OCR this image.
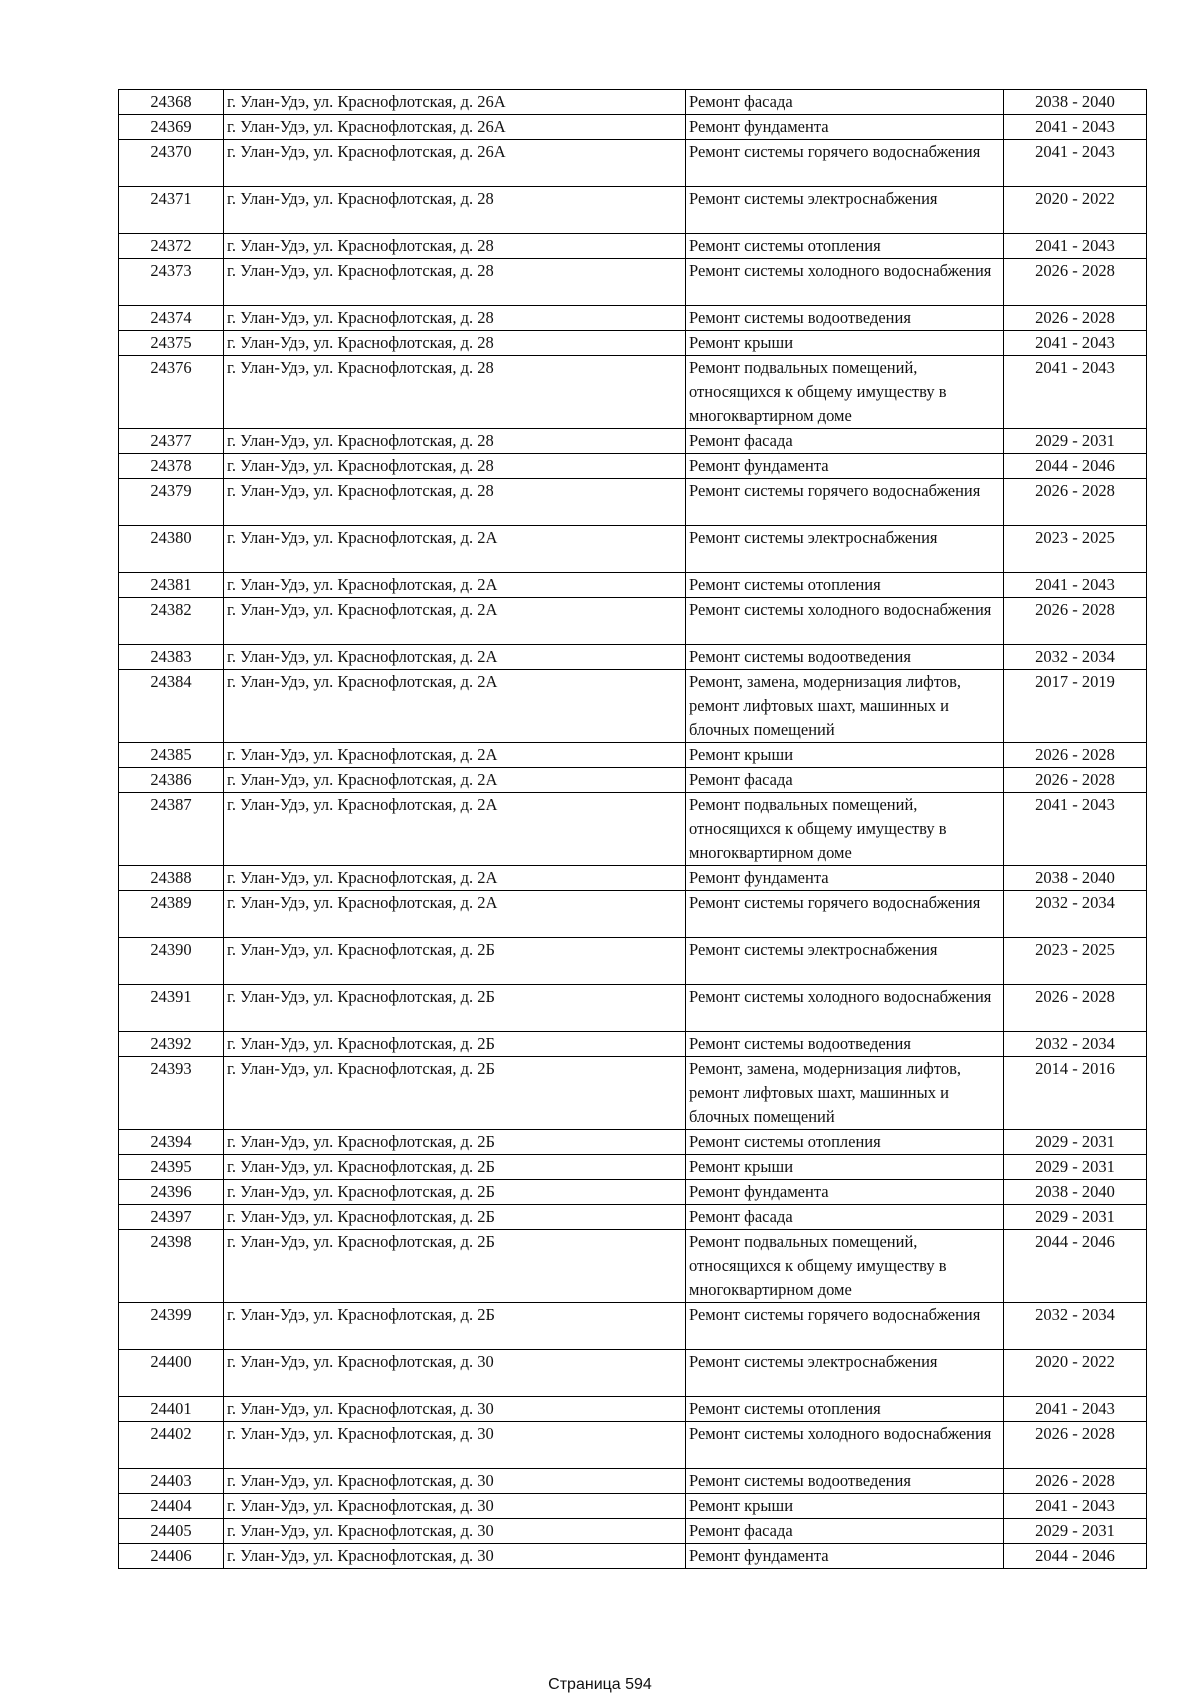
24368	г. Улан-Удэ, ул. Краснофлотская, д. 26А	Ремонт фасада	2038 - 2040
24369	г. Улан-Удэ, ул. Краснофлотская, д. 26А	Ремонт фундамента	2041 - 2043
24370	г. Улан-Удэ, ул. Краснофлотская, д. 26А	Ремонт системы горячего водоснабжения	2041 - 2043
24371	г. Улан-Удэ, ул. Краснофлотская, д. 28	Ремонт системы электроснабжения	2020 - 2022
24372	г. Улан-Удэ, ул. Краснофлотская, д. 28	Ремонт системы отопления	2041 - 2043
24373	г. Улан-Удэ, ул. Краснофлотская, д. 28	Ремонт системы холодного водоснабжения	2026 - 2028
24374	г. Улан-Удэ, ул. Краснофлотская, д. 28	Ремонт системы водоотведения	2026 - 2028
24375	г. Улан-Удэ, ул. Краснофлотская, д. 28	Ремонт крыши	2041 - 2043
24376	г. Улан-Удэ, ул. Краснофлотская, д. 28	Ремонт подвальных помещений, относящихся к общему имуществу в многоквартирном доме	2041 - 2043
24377	г. Улан-Удэ, ул. Краснофлотская, д. 28	Ремонт фасада	2029 - 2031
24378	г. Улан-Удэ, ул. Краснофлотская, д. 28	Ремонт фундамента	2044 - 2046
24379	г. Улан-Удэ, ул. Краснофлотская, д. 28	Ремонт системы горячего водоснабжения	2026 - 2028
24380	г. Улан-Удэ, ул. Краснофлотская, д. 2А	Ремонт системы электроснабжения	2023 - 2025
24381	г. Улан-Удэ, ул. Краснофлотская, д. 2А	Ремонт системы отопления	2041 - 2043
24382	г. Улан-Удэ, ул. Краснофлотская, д. 2А	Ремонт системы холодного водоснабжения	2026 - 2028
24383	г. Улан-Удэ, ул. Краснофлотская, д. 2А	Ремонт системы водоотведения	2032 - 2034
24384	г. Улан-Удэ, ул. Краснофлотская, д. 2А	Ремонт, замена, модернизация лифтов, ремонт лифтовых шахт, машинных и блочных помещений	2017 - 2019
24385	г. Улан-Удэ, ул. Краснофлотская, д. 2А	Ремонт крыши	2026 - 2028
24386	г. Улан-Удэ, ул. Краснофлотская, д. 2А	Ремонт фасада	2026 - 2028
24387	г. Улан-Удэ, ул. Краснофлотская, д. 2А	Ремонт подвальных помещений, относящихся к общему имуществу в многоквартирном доме	2041 - 2043
24388	г. Улан-Удэ, ул. Краснофлотская, д. 2А	Ремонт фундамента	2038 - 2040
24389	г. Улан-Удэ, ул. Краснофлотская, д. 2А	Ремонт системы горячего водоснабжения	2032 - 2034
24390	г. Улан-Удэ, ул. Краснофлотская, д. 2Б	Ремонт системы электроснабжения	2023 - 2025
24391	г. Улан-Удэ, ул. Краснофлотская, д. 2Б	Ремонт системы холодного водоснабжения	2026 - 2028
24392	г. Улан-Удэ, ул. Краснофлотская, д. 2Б	Ремонт системы водоотведения	2032 - 2034
24393	г. Улан-Удэ, ул. Краснофлотская, д. 2Б	Ремонт, замена, модернизация лифтов, ремонт лифтовых шахт, машинных и блочных помещений	2014 - 2016
24394	г. Улан-Удэ, ул. Краснофлотская, д. 2Б	Ремонт системы отопления	2029 - 2031
24395	г. Улан-Удэ, ул. Краснофлотская, д. 2Б	Ремонт крыши	2029 - 2031
24396	г. Улан-Удэ, ул. Краснофлотская, д. 2Б	Ремонт фундамента	2038 - 2040
24397	г. Улан-Удэ, ул. Краснофлотская, д. 2Б	Ремонт фасада	2029 - 2031
24398	г. Улан-Удэ, ул. Краснофлотская, д. 2Б	Ремонт подвальных помещений, относящихся к общему имуществу в многоквартирном доме	2044 - 2046
24399	г. Улан-Удэ, ул. Краснофлотская, д. 2Б	Ремонт системы горячего водоснабжения	2032 - 2034
24400	г. Улан-Удэ, ул. Краснофлотская, д. 30	Ремонт системы электроснабжения	2020 - 2022
24401	г. Улан-Удэ, ул. Краснофлотская, д. 30	Ремонт системы отопления	2041 - 2043
24402	г. Улан-Удэ, ул. Краснофлотская, д. 30	Ремонт системы холодного водоснабжения	2026 - 2028
24403	г. Улан-Удэ, ул. Краснофлотская, д. 30	Ремонт системы водоотведения	2026 - 2028
24404	г. Улан-Удэ, ул. Краснофлотская, д. 30	Ремонт крыши	2041 - 2043
24405	г. Улан-Удэ, ул. Краснофлотская, д. 30	Ремонт фасада	2029 - 2031
24406	г. Улан-Удэ, ул. Краснофлотская, д. 30	Ремонт фундамента	2044 - 2046
Страница 594
